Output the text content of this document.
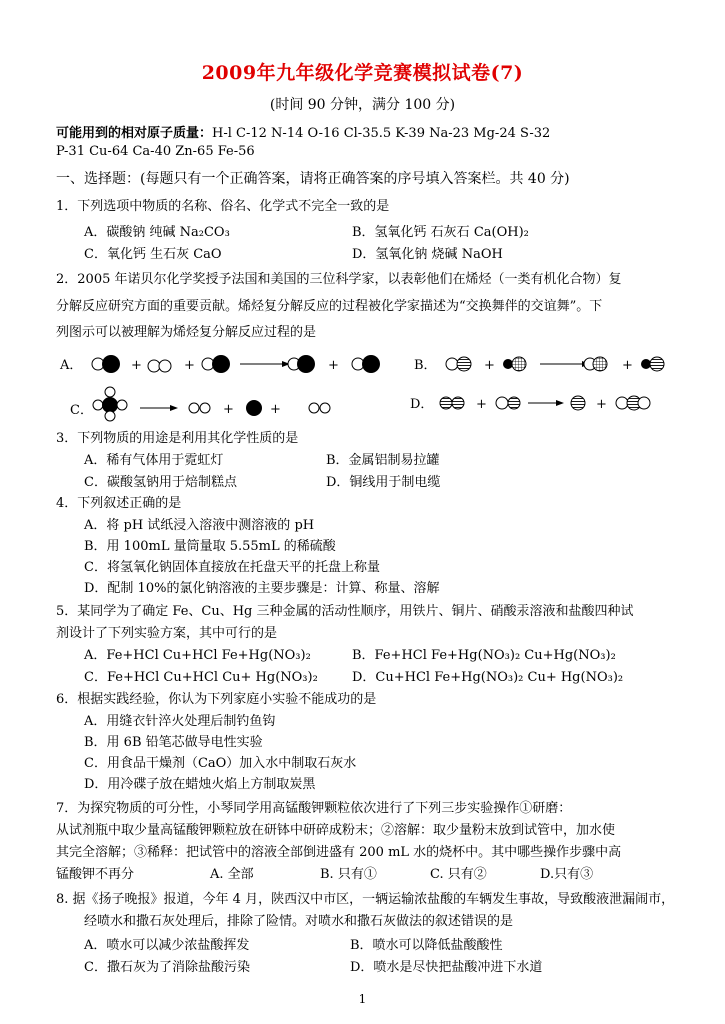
2009年九年级化学竞赛模拟试卷(7)
(时间 90 分钟，满分 100 分)
可能用到的相对原子质量：H-l C-12 N-14 O-16 Cl-35.5 K-39 Na-23 Mg-24 S-32
P-31 Cu-64 Ca-40 Zn-65 Fe-56
一、选择题：(每题只有一个正确答案，请将正确答案的序号填入答案栏。共 40 分)
1．下列选项中物质的名称、俗名、化学式不完全一致的是
A．碳酸钠 纯碱 Na₂CO₃	B．氢氧化钙 石灰石 Ca(OH)₂
C．氧化钙 生石灰 CaO	D．氢氧化钠 烧碱 NaOH
2．2005 年诺贝尔化学奖授予法国和美国的三位科学家，以表彰他们在烯烃（一类有机化合物）复
分解反应研究方面的重要贡献。烯烃复分解反应的过程被化学家描述为“交换舞伴的交谊舞”。下
列图示可以被理解为烯烃复分解反应过程的是
A．	+	+	+	B．	+	+
C．	+	+	D．	+	+
3．下列物质的用途是利用其化学性质的是
A．稀有气体用于霓虹灯	B．金属铝制易拉罐
C．碳酸氢钠用于焙制糕点	D．铜线用于制电缆
4．下列叙述正确的是
A．将 pH 试纸浸入溶液中测溶液的 pH
B．用 100mL 量筒量取 5.55mL 的稀硫酸
C．将氢氧化钠固体直接放在托盘天平的托盘上称量
D．配制 10%的氯化钠溶液的主要步骤是：计算、称量、溶解
5．某同学为了确定 Fe、Cu、Hg 三种金属的活动性顺序，用铁片、铜片、硝酸汞溶液和盐酸四种试
剂设计了下列实验方案，其中可行的是
A．Fe+HCl Cu+HCl Fe+Hg(NO₃)₂	B．Fe+HCl Fe+Hg(NO₃)₂ Cu+Hg(NO₃)₂
C．Fe+HCl Cu+HCl Cu+ Hg(NO₃)₂	D．Cu+HCl Fe+Hg(NO₃)₂ Cu+ Hg(NO₃)₂
6．根据实践经验，你认为下列家庭小实验不能成功的是
A．用缝衣针淬火处理后制钓鱼钩
B．用 6B 铅笔芯做导电性实验
C．用食品干燥剂（CaO）加入水中制取石灰水
D．用冷碟子放在蜡烛火焰上方制取炭黑
7．为探究物质的可分性，小琴同学用高锰酸钾颗粒依次进行了下列三步实验操作①研磨：
从试剂瓶中取少量高锰酸钾颗粒放在研钵中研碎成粉末；②溶解：取少量粉末放到试管中，加水使
其完全溶解；③稀释：把试管中的溶液全部倒进盛有 200 mL 水的烧杯中。其中哪些操作步骤中高
锰酸钾不再分	A. 全部	B. 只有①	C. 只有②	D.只有③
8. 据《扬子晚报》报道，今年 4 月，陕西汉中市区，一辆运输浓盐酸的车辆发生事故，导致酸液泄漏闹市，
经喷水和撒石灰处理后，排除了险情。对喷水和撒石灰做法的叙述错误的是
A．喷水可以减少浓盐酸挥发	B．喷水可以降低盐酸酸性
C．撒石灰为了消除盐酸污染	D．喷水是尽快把盐酸冲进下水道
1
